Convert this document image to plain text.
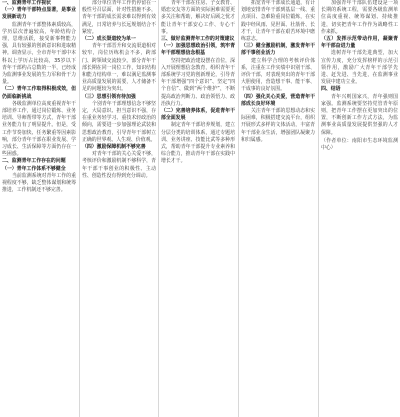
一、监测青年工作视状
（一）青年干部特点显著，是事业发展新动力

监测青年干部整体素质较高，学历层次普遍较高，年龄结构合理，思维活跃，接受新事物能力强，具有较强的创新意识和进取精神。调查显示，全市青年干部中本科以上学历占比较高，35岁以下青年干部约占总数的一半，已经成为监测事业发展的生力军和骨干力量。

（二）青年工作取得积极成效，但仍面临新挑战

各级监测单位高度重视青年干部培养工作，通过岗位锻炼、业务培训、导师帮带等方式，青年干部业务能力有了明显提升。但是，受工作节奏加快、任务繁重等因素影响，部分青年干部在职业发展、学习成长、生活保障等方面仍存在一些困惑。

二、监测青年工作存在的问题
（一）青年工作体系不够健全

当前监测系统对青年工作的重视程度不够，缺乏整体谋划和统筹推进，工作机制还不够完善。

部分单位青年工作仍停留在一般性号召层面，针对性措施不多，青年干部的成长需求难以得到有效满足，日常培养与长远规划结合不紧密。

（二）成长渠道较为单一

青年干部晋升和交流渠道相对较窄，岗位历练机会不多，跨部门、跨领域交流较少。部分青年干部长期在同一岗位工作，知识结构和能力结构单一，难以满足监测事业高质量发展的需要，人才储备不足的问题较为突出。

（三）思想引领有待加强

个别青年干部理想信念不够坚定，大局意识、担当意识不强，存在重业务轻学习、重技术轻政治的倾向，需要进一步加强理论武装和思想政治教育，引导青年干部树立正确的世界观、人生观、价值观。

（四）激励保障机制不够完善

对青年干部的关心关爱不够，考核评价和激励机制不够科学，青年干部干事创业的积极性、主动性、创造性没有得到充分调动。

青年干部在住房、子女教育、婚恋交友等方面的实际困难需要更多关注和帮助，解决好后顾之忧才能让青年干部安心工作、专心干事。

三、做好监测青年工作的对策建议
（一）加强思想政治引领，筑牢青年干部理想信念根基

坚持把政治建设摆在首位，深入开展理想信念教育，组织青年干部系统学习党的创新理论，引导青年干部增强“四个意识”、坚定“四个自信”、做到“两个维护”，不断提高政治判断力、政治领悟力、政治执行力。

（二）完善培养体系，促进青年干部全面发展

制定青年干部培养规划，建立分层分类的培训体系，通过专题培训、业务讲座、技能比武等多种形式，帮助青年干部提升专业素养和综合能力，推动青年干部在实践中增长才干。

拓宽青年干部成长通道，有计划地安排青年干部到基层一线、重点项目、急难险重岗位锻炼，在实践中经风雨、见世面、壮筋骨、长才干，让青年干部在艰苦环境中磨练意志。

（三）健全激励机制，激发青年干部干事创业活力

建立科学合理的考核评价体系，注重在工作实绩中识别干部、评价干部，对表现突出的青年干部大胆使用，营造想干事、能干事、干成事的良好氛围。

（四）强化关心关爱，营造青年干部成长良好环境

关注青年干部的思想动态和实际困难，积极搭建交流平台，组织开展形式多样的文体活动，丰富青年干部业余生活，增强团队凝聚力和归属感。

加强青年干部队伍建设是一项长期的系统工程，需要各级监测单位高度重视、统筹谋划、持续推进，切实把青年工作作为战略性工作来抓。

（五）发挥示范带动作用，凝聚青年干部奋进力量

选树青年干部先进典型，加大宣传力度，充分发挥榜样的示范引领作用，激励广大青年干部学先进、赶先进、当先进，在监测事业发展中建功立业。

四、结语

青年兴则国家兴，青年强则国家强。监测系统要坚持党管青年原则，把青年工作摆在更加突出的位置，不断创新工作方式方法，为监测事业高质量发展提供坚强的人才保障。

（作者单位：南阳市生态环境监测中心）
